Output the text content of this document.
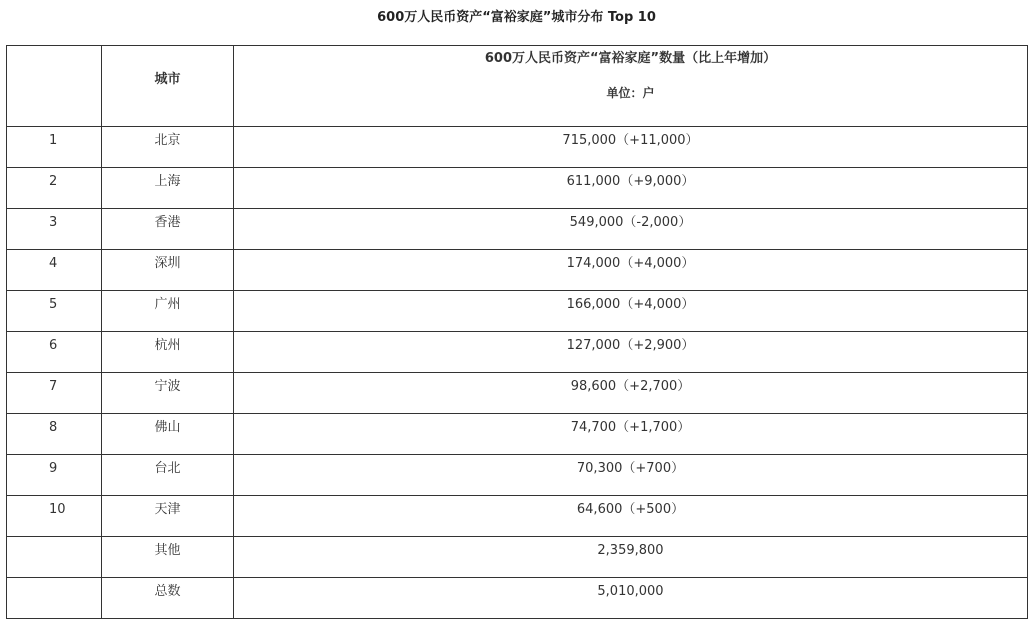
600万人民币资产“富裕家庭”城市分布 Top 10

	城市	600万人民币资产“富裕家庭”数量（比上年增加）
单位：户

1	北京	715,000（+11,000）

2	上海	611,000（+9,000）

3	香港	549,000（-2,000）

4	深圳	174,000（+4,000）

5	广州	166,000（+4,000）

6	杭州	127,000（+2,900）

7	宁波	98,600（+2,700）

8	佛山	74,700（+1,700）

9	台北	70,300（+700）

10	天津	64,600（+500）

	其他	2,359,800

	总数	5,010,000
